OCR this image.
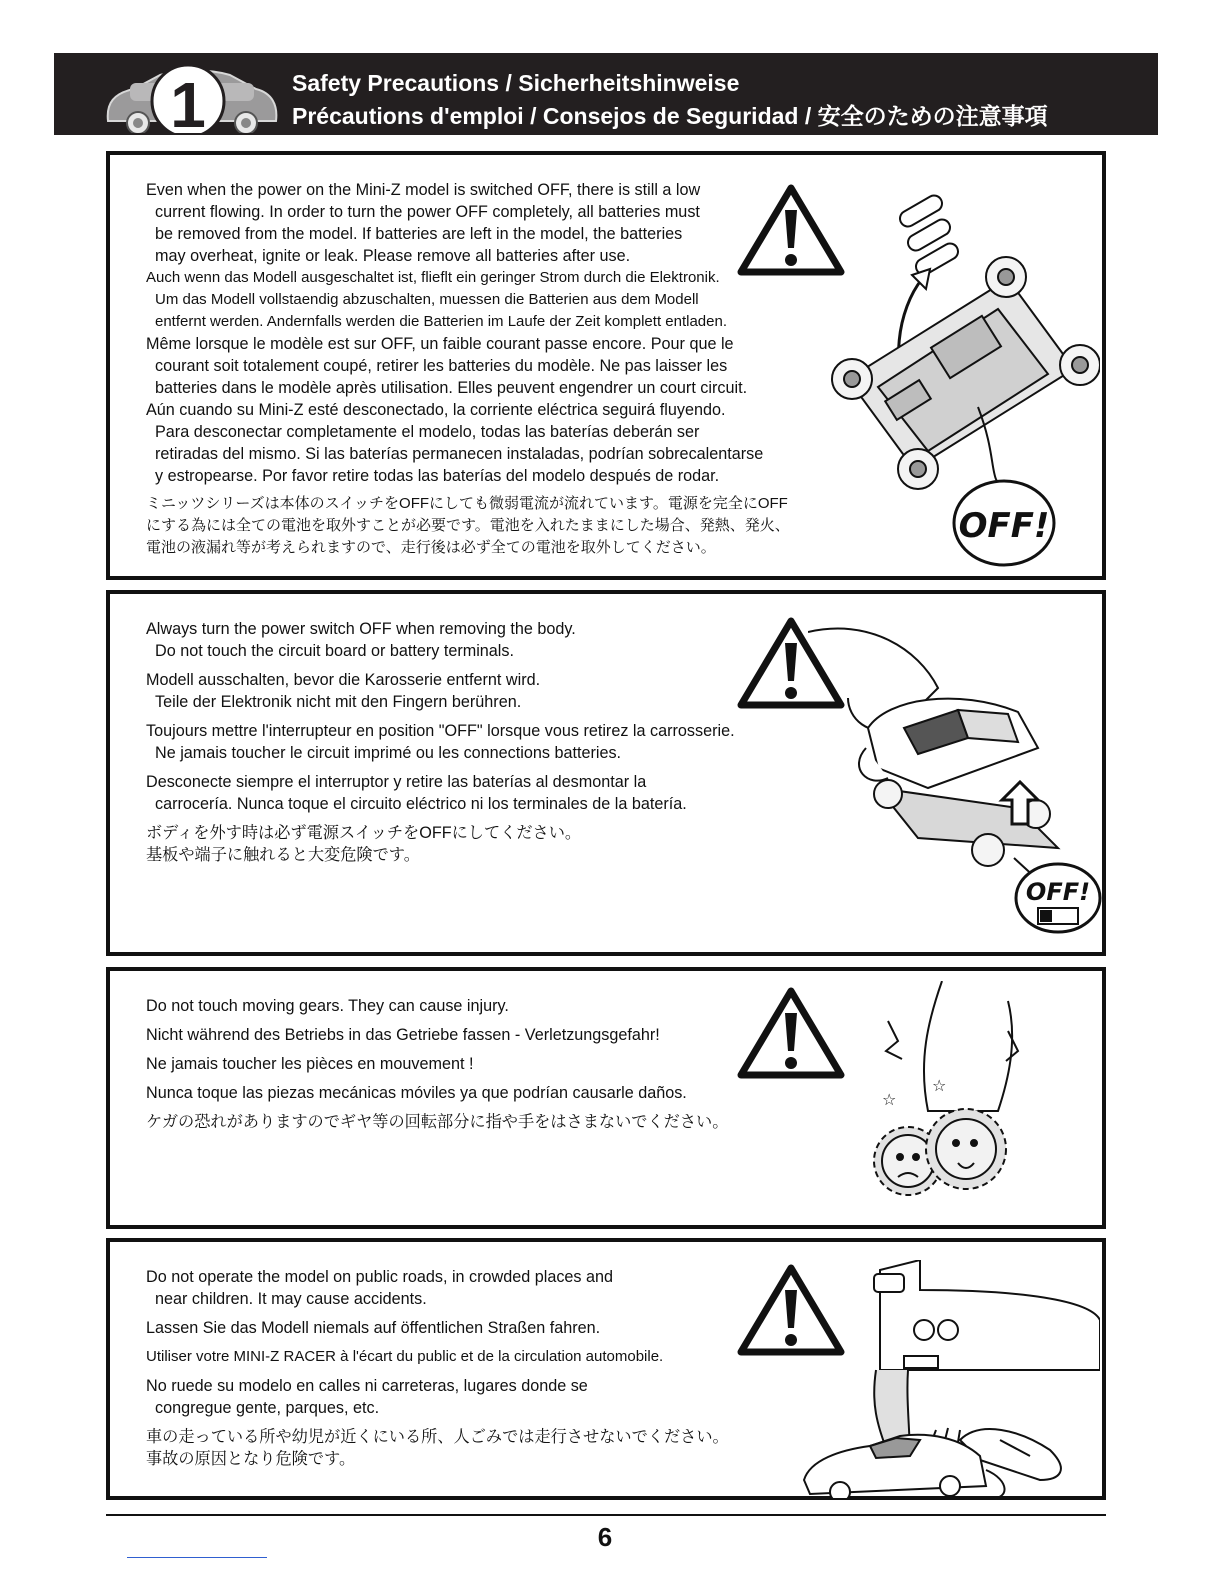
1	Safety Precautions / Sicherheitshinweise
Précautions d'emploi / Consejos de Seguridad / 安全のための注意事項
Even when the power on the Mini-Z model is switched OFF, there is still a low
current flowing. In order to turn the power OFF completely, all batteries must
be removed from the model. If batteries are left in the model, the batteries
may overheat, ignite or leak. Please remove all batteries after use.
Auch wenn das Modell ausgeschaltet ist, flieflt ein geringer Strom durch die Elektronik.
Um das Modell vollstaendig abzuschalten, muessen die Batterien aus dem Modell
entfernt werden. Andernfalls werden die Batterien im Laufe der Zeit komplett entladen.
Même lorsque le modèle est sur OFF, un faible courant passe encore. Pour que le
courant soit totalement coupé, retirer les batteries du modèle. Ne pas laisser les
batteries dans le modèle après utilisation. Elles peuvent engendrer un court circuit.
Aún cuando su Mini-Z esté desconectado, la corriente eléctrica seguirá fluyendo.
Para desconectar completamente el modelo, todas las baterías deberán ser
retiradas del mismo. Si las baterías permanecen instaladas, podrían sobrecalentarse
y estropearse. Por favor retire todas las baterías del modelo después de rodar.
ミニッツシリーズは本体のスイッチをOFFにしても微弱電流が流れています。電源を完全にOFF
にする為には全ての電池を取外すことが必要です。電池を入れたままにした場合、発熱、発火、
電池の液漏れ等が考えられますので、走行後は必ず全ての電池を取外してください。
OFF!
Always turn the power switch OFF when removing the body.
Do not touch the circuit board or battery terminals.
Modell ausschalten, bevor die Karosserie entfernt wird.
Teile der Elektronik nicht mit den Fingern berühren.
Toujours mettre l'interrupteur en position "OFF" lorsque vous retirez la carrosserie.
Ne jamais toucher le circuit imprimé ou les connections batteries.
Desconecte siempre el interruptor y retire las baterías al desmontar la
carrocería. Nunca toque el circuito eléctrico ni los terminales de la batería.
ボディを外す時は必ず電源スイッチをOFFにしてください。
基板や端子に触れると大変危険です。
OFF!
Do not touch moving gears. They can cause injury.
Nicht während des Betriebs in das Getriebe fassen - Verletzungsgefahr!
Ne jamais toucher les pièces en mouvement !
Nunca toque las piezas mecánicas móviles ya que podrían causarle daños.
ケガの恐れがありますのでギヤ等の回転部分に指や手をはさまないでください。
☆
☆
Do not operate the model on public roads, in crowded places and
near children. It may cause accidents.
Lassen Sie das Modell niemals auf öffentlichen Straßen fahren.
Utiliser votre MINI-Z RACER à l'écart du public et de la circulation automobile.
No ruede su modelo en calles ni carreteras, lugares donde se
congregue gente, parques, etc.
車の走っている所や幼児が近くにいる所、人ごみでは走行させないでください。
事故の原因となり危険です。
6
